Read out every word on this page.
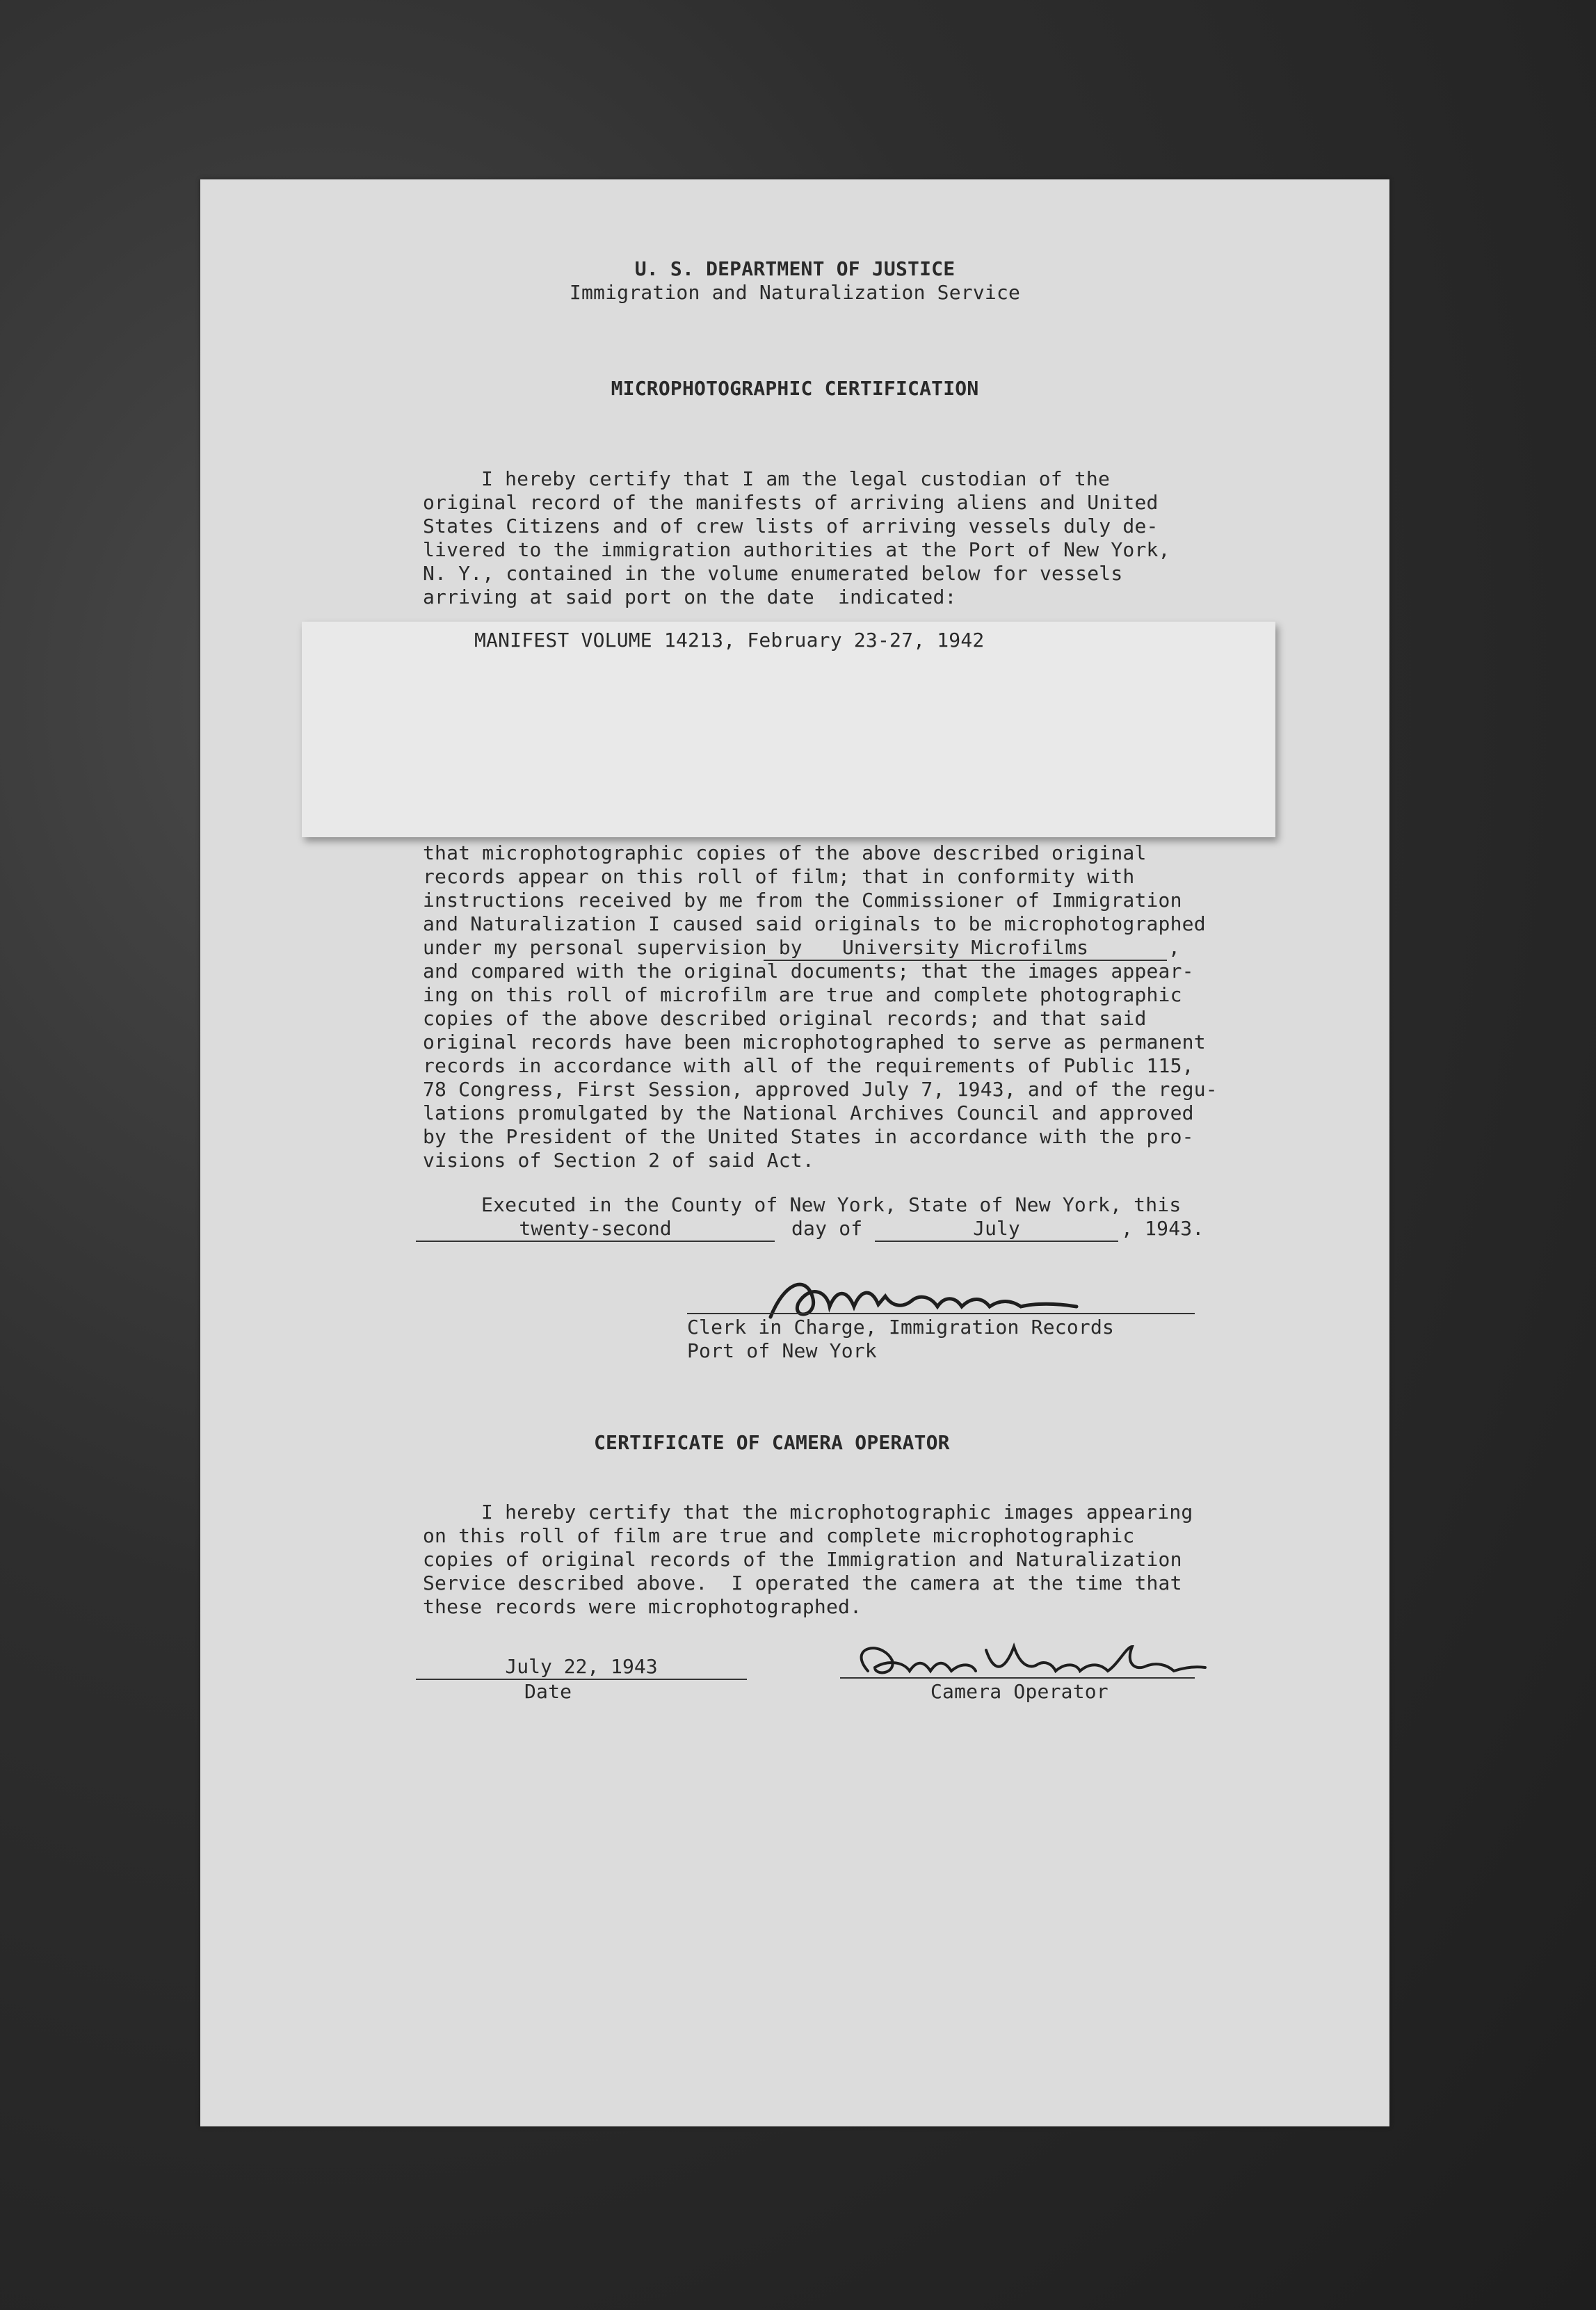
U. S. DEPARTMENT OF JUSTICE
Immigration and Naturalization Service
MICROPHOTOGRAPHIC CERTIFICATION
I hereby certify that I am the legal custodian of the
original record of the manifests of arriving aliens and United
States Citizens and of crew lists of arriving vessels duly de-
livered to the immigration authorities at the Port of New York,
N. Y., contained in the volume enumerated below for vessels
arriving at said port on the date  indicated:
MANIFEST VOLUME 14213, February 23-27, 1942
that microphotographic copies of the above described original
records appear on this roll of film; that in conformity with
instructions received by me from the Commissioner of Immigration
and Naturalization I caused said originals to be microphotographed
under my personal supervision by	University Microfilms	,
and compared with the original documents; that the images appear-
ing on this roll of microfilm are true and complete photographic
copies of the above described original records; and that said
original records have been microphotographed to serve as permanent
records in accordance with all of the requirements of Public 115,
78 Congress, First Session, approved July 7, 1943, and of the regu-
lations promulgated by the National Archives Council and approved
by the President of the United States in accordance with the pro-
visions of Section 2 of said Act.
Executed in the County of New York, State of New York, this
twenty-second	day of	July	, 1943.
Clerk in Charge, Immigration Records
Port of New York
CERTIFICATE OF CAMERA OPERATOR
I hereby certify that the microphotographic images appearing
on this roll of film are true and complete microphotographic
copies of original records of the Immigration and Naturalization
Service described above.  I operated the camera at the time that
these records were microphotographed.
July 22, 1943
Date	Camera Operator
